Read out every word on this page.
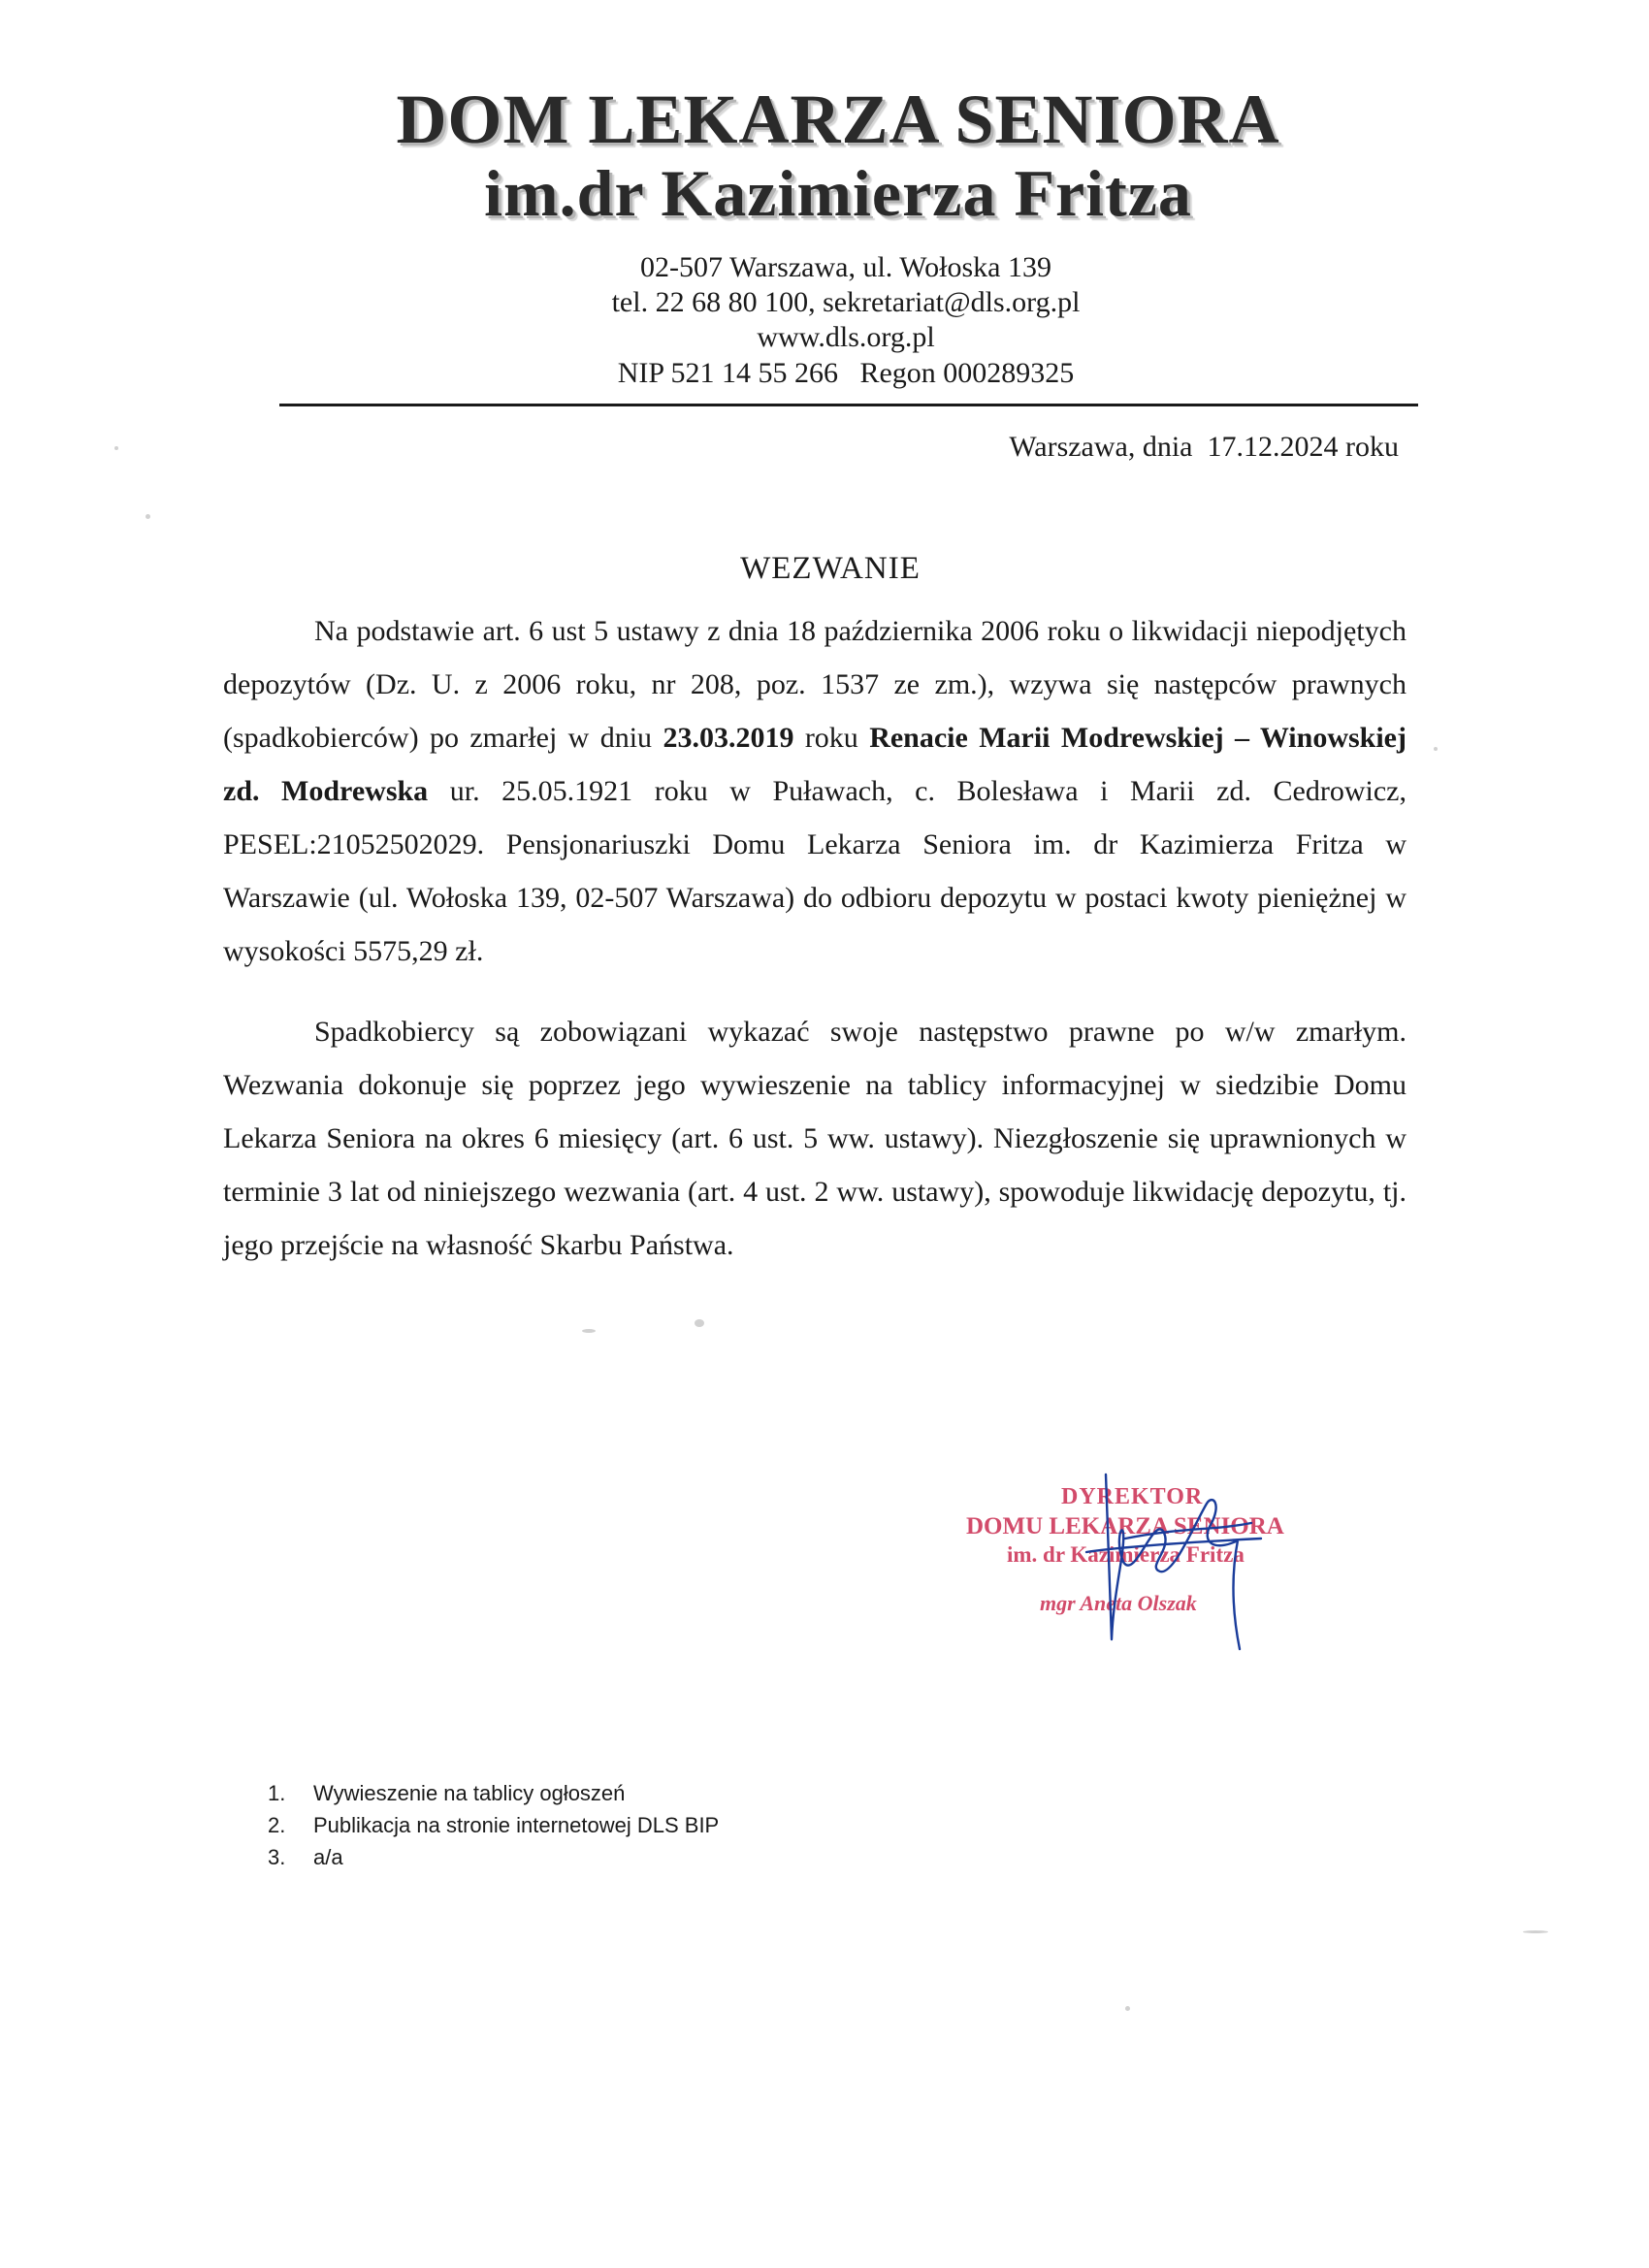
DOM LEKARZA SENIORA
im.dr Kazimierza Fritza
02-507 Warszawa, ul. Wołoska 139
tel. 22 68 80 100, sekretariat@dls.org.pl
www.dls.org.pl
NIP 521 14 55 266   Regon 000289325
Warszawa, dnia  17.12.2024 roku
WEZWANIE
Na podstawie art. 6 ust 5 ustawy z dnia 18 października 2006 roku o likwidacji niepodjętych depozytów (Dz. U. z 2006 roku, nr 208, poz. 1537 ze zm.), wzywa się następców prawnych (spadkobierców) po zmarłej w dniu 23.03.2019 roku Renacie Marii Modrewskiej – Winowskiej zd. Modrewska ur. 25.05.1921 roku w Puławach, c. Bolesława i Marii zd. Cedrowicz, PESEL:21052502029. Pensjonariuszki Domu Lekarza Seniora im. dr Kazimierza Fritza w Warszawie (ul. Wołoska 139, 02-507 Warszawa) do odbioru depozytu w postaci kwoty pieniężnej w wysokości 5575,29 zł.
Spadkobiercy są zobowiązani wykazać swoje następstwo prawne po w/w zmarłym. Wezwania dokonuje się poprzez jego wywieszenie na tablicy informacyjnej w siedzibie Domu Lekarza Seniora na okres 6 miesięcy (art. 6 ust. 5 ww. ustawy). Niezgłoszenie się uprawnionych w terminie 3 lat od niniejszego wezwania (art. 4 ust. 2 ww. ustawy), spowoduje likwidację depozytu, tj. jego przejście na własność Skarbu Państwa.
DYREKTOR
DOMU LEKARZA SENIORA
im. dr Kazimierza Fritza
mgr Aneta Olszak
1.	Wywieszenie na tablicy ogłoszeń
2.	Publikacja na stronie internetowej DLS BIP
3.	a/a
